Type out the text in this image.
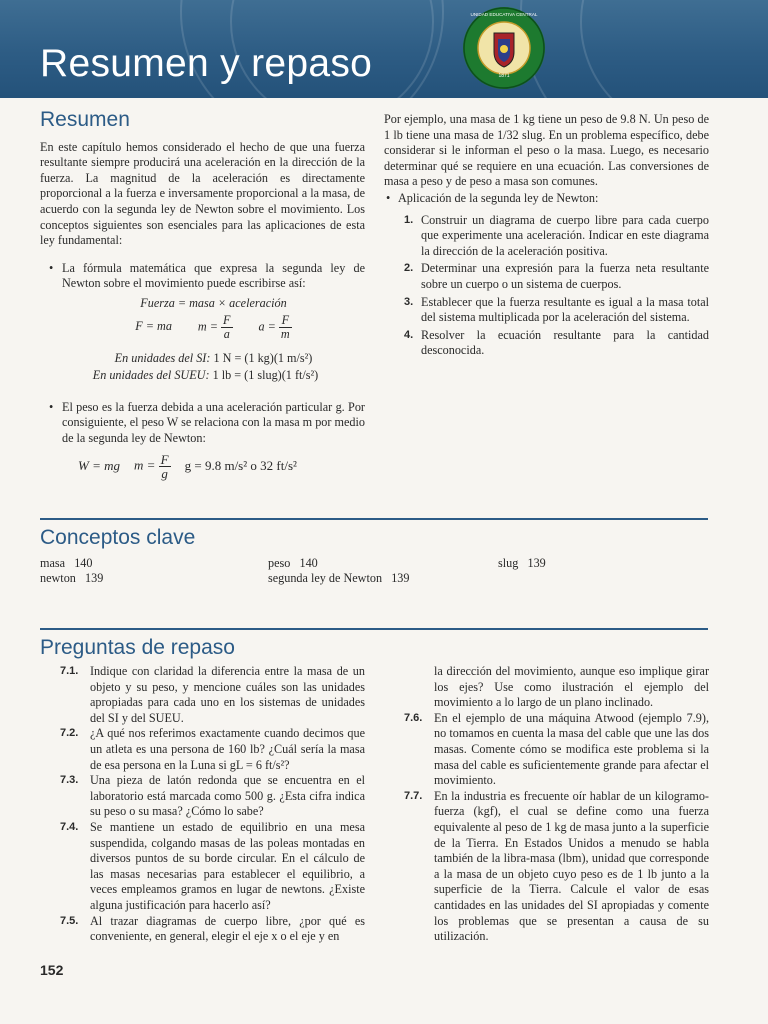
Resumen y repaso	1871
UNIDAD EDUCATIVA CENTRAL
Resumen

En este capítulo hemos considerado el hecho de que una fuerza resultante siempre producirá una aceleración en la dirección de la fuerza. La magnitud de la aceleración es directamente proporcional a la fuerza e inversamente proporcional a la masa, de acuerdo con la segunda ley de Newton sobre el movimiento. Los conceptos siguientes son esenciales para las aplicaciones de esta ley fundamental:

• La fórmula matemática que expresa la segunda ley de Newton sobre el movimiento puede escribirse así:
Fuerza = masa × aceleración
F = ma $m = \frac{F}{a}$ $a = \frac{F}{m}$
En unidades del SI: 1 N = (1 kg)(1 m/s²)
En unidades del SUEU: 1 lb = (1 slug)(1 ft/s²)
• El peso es la fuerza debida a una aceleración particular g. Por consiguiente, el peso W se relaciona con la masa m por medio de la segunda ley de Newton:
W = mg $m = \frac{F}{g}$ g = 9.8 m/s² o 32 ft/s²

Por ejemplo, una masa de 1 kg tiene un peso de 9.8 N. Un peso de 1 lb tiene una masa de 1/32 slug. En un problema específico, debe considerar si le informan el peso o la masa. Luego, es necesario determinar qué se requiere en una ecuación. Las conversiones de masa a peso y de peso a masa son comunes.

• Aplicación de la segunda ley de Newton:
1. Construir un diagrama de cuerpo libre para cada cuerpo que experimente una aceleración. Indicar en este diagrama la dirección de la aceleración positiva.
2. Determinar una expresión para la fuerza neta resultante sobre un cuerpo o un sistema de cuerpos.
3. Establecer que la fuerza resultante es igual a la masa total del sistema multiplicada por la aceleración del sistema.
4. Resolver la ecuación resultante para la cantidad desconocida.
Conceptos clave
masa 140
newton 139
peso 140
segunda ley de Newton 139
slug 139
Preguntas de repaso
7.1. Indique con claridad la diferencia entre la masa de un objeto y su peso, y mencione cuáles son las unidades apropiadas para cada uno en los sistemas de unidades del SI y del SUEU.
7.2. ¿A qué nos referimos exactamente cuando decimos que un atleta es una persona de 160 lb? ¿Cuál sería la masa de esa persona en la Luna si gL = 6 ft/s²?
7.3. Una pieza de latón redonda que se encuentra en el laboratorio está marcada como 500 g. ¿Esta cifra indica su peso o su masa? ¿Cómo lo sabe?
7.4. Se mantiene un estado de equilibrio en una mesa suspendida, colgando masas de las poleas montadas en diversos puntos de su borde circular. En el cálculo de las masas necesarias para establecer el equilibrio, a veces empleamos gramos en lugar de newtons. ¿Existe alguna justificación para hacerlo así?
7.5. Al trazar diagramas de cuerpo libre, ¿por qué es conveniente, en general, elegir el eje x o el eje y en
la dirección del movimiento, aunque eso implique girar los ejes? Use como ilustración el ejemplo del movimiento a lo largo de un plano inclinado.
7.6. En el ejemplo de una máquina Atwood (ejemplo 7.9), no tomamos en cuenta la masa del cable que une las dos masas. Comente cómo se modifica este problema si la masa del cable es suficientemente grande para afectar el movimiento.
7.7. En la industria es frecuente oír hablar de un kilogramo-fuerza (kgf), el cual se define como una fuerza equivalente al peso de 1 kg de masa junto a la superficie de la Tierra. En Estados Unidos a menudo se habla también de la libra-masa (lbm), unidad que corresponde a la masa de un objeto cuyo peso es de 1 lb junto a la superficie de la Tierra. Calcule el valor de esas cantidades en las unidades del SI apropiadas y comente los problemas que se presentan a causa de su utilización.
152
